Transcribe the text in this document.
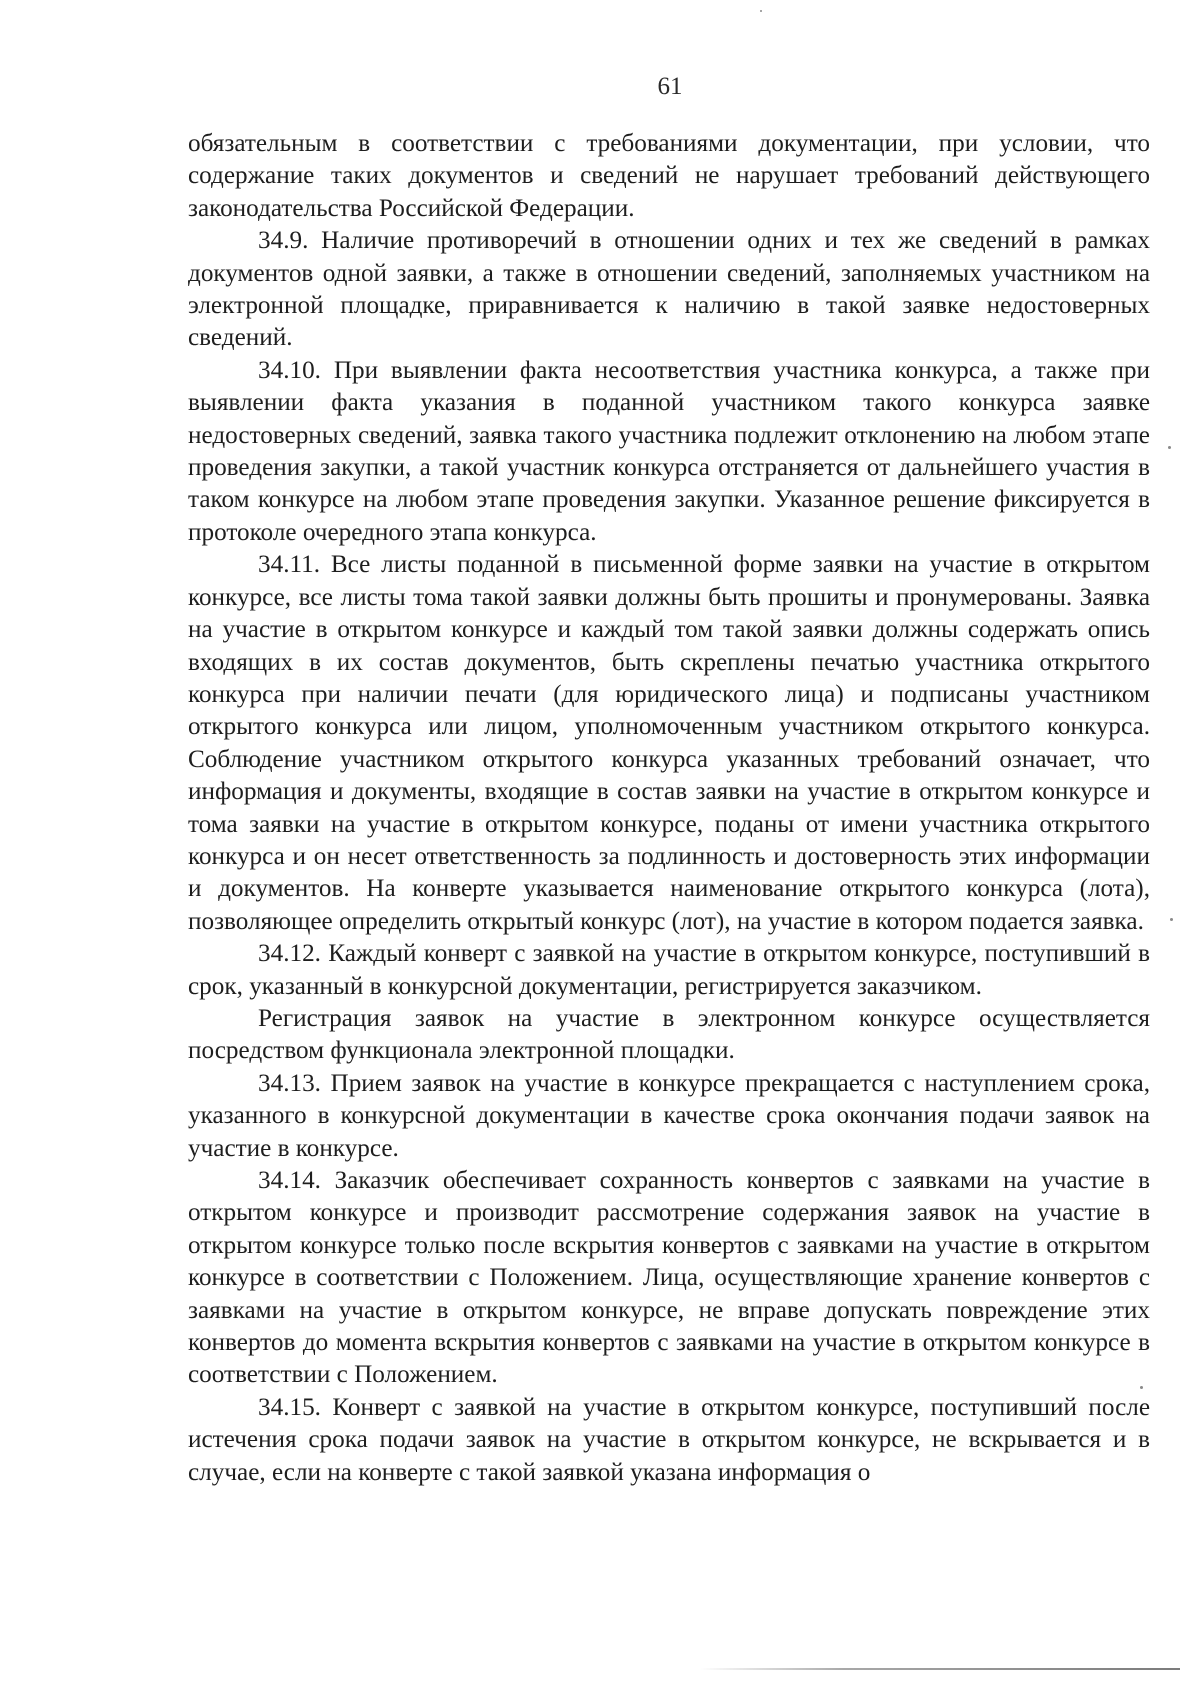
61

обязательным в соответствии с требованиями документации, при условии, что содержание таких документов и сведений не нарушает требований действующего законодательства Российской Федерации.

34.9. Наличие противоречий в отношении одних и тех же сведений в рамках документов одной заявки, а также в отношении сведений, заполняемых участником на электронной площадке, приравнивается к наличию в такой заявке недостоверных сведений.

34.10. При выявлении факта несоответствия участника конкурса, а также при выявлении факта указания в поданной участником такого конкурса заявке недостоверных сведений, заявка такого участника подлежит отклонению на любом этапе проведения закупки, а такой участник конкурса отстраняется от дальнейшего участия в таком конкурсе на любом этапе проведения закупки. Указанное решение фиксируется в протоколе очередного этапа конкурса.

34.11. Все листы поданной в письменной форме заявки на участие в открытом конкурсе, все листы тома такой заявки должны быть прошиты и пронумерованы. Заявка на участие в открытом конкурсе и каждый том такой заявки должны содержать опись входящих в их состав документов, быть скреплены печатью участника открытого конкурса при наличии печати (для юридического лица) и подписаны участником открытого конкурса или лицом, уполномоченным участником открытого конкурса. Соблюдение участником открытого конкурса указанных требований означает, что информация и документы, входящие в состав заявки на участие в открытом конкурсе и тома заявки на участие в открытом конкурсе, поданы от имени участника открытого конкурса и он несет ответственность за подлинность и достоверность этих информации и документов. На конверте указывается наименование открытого конкурса (лота), позволяющее определить открытый конкурс (лот), на участие в котором подается заявка.

34.12. Каждый конверт с заявкой на участие в открытом конкурсе, поступивший в срок, указанный в конкурсной документации, регистрируется заказчиком.

Регистрация заявок на участие в электронном конкурсе осуществляется посредством функционала электронной площадки.

34.13. Прием заявок на участие в конкурсе прекращается с наступлением срока, указанного в конкурсной документации в качестве срока окончания подачи заявок на участие в конкурсе.

34.14. Заказчик обеспечивает сохранность конвертов с заявками на участие в открытом конкурсе и производит рассмотрение содержания заявок на участие в открытом конкурсе только после вскрытия конвертов с заявками на участие в открытом конкурсе в соответствии с Положением. Лица, осуществляющие хранение конвертов с заявками на участие в открытом конкурсе, не вправе допускать повреждение этих конвертов до момента вскрытия конвертов с заявками на участие в открытом конкурсе в соответствии с Положением.

34.15. Конверт с заявкой на участие в открытом конкурсе, поступивший после истечения срока подачи заявок на участие в открытом конкурсе, не вскрывается и в случае, если на конверте с такой заявкой указана информация о
